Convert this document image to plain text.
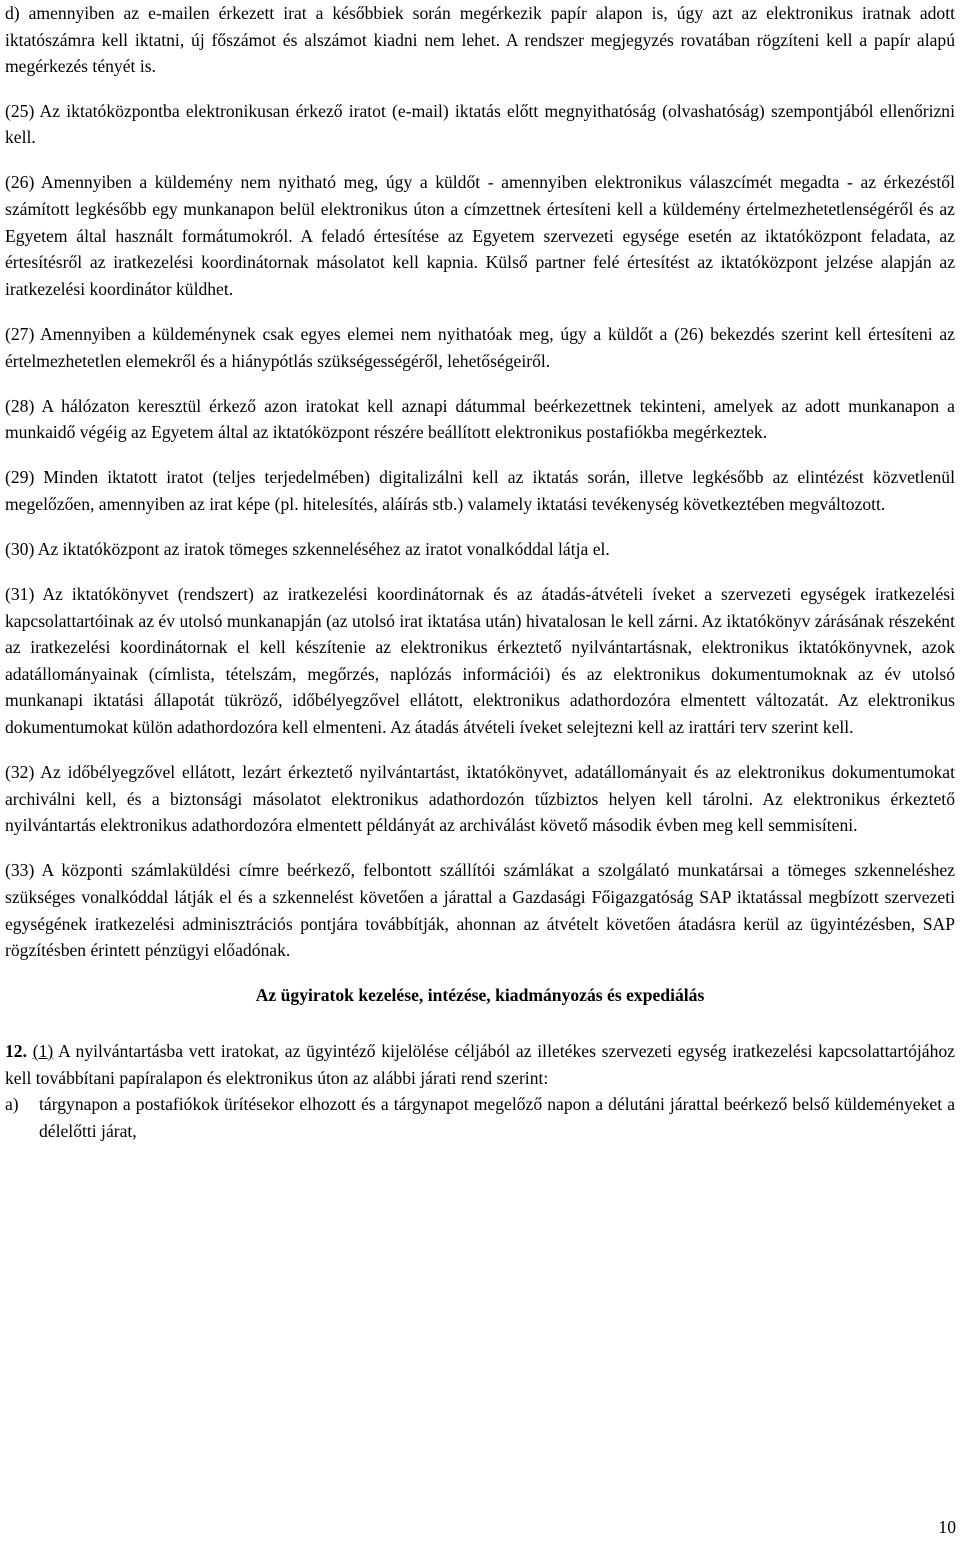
d) amennyiben az e-mailen érkezett irat a későbbiek során megérkezik papír alapon is, úgy azt az elektronikus iratnak adott iktatószámra kell iktatni, új főszámot és alszámot kiadni nem lehet. A rendszer megjegyzés rovatában rögzíteni kell a papír alapú megérkezés tényét is.

(25) Az iktatóközpontba elektronikusan érkező iratot (e-mail) iktatás előtt megnyithatóság (olvashatóság) szempontjából ellenőrizni kell.

(26) Amennyiben a küldemény nem nyitható meg, úgy a küldőt - amennyiben elektronikus válaszcímét megadta - az érkezéstől számított legkésőbb egy munkanapon belül elektronikus úton a címzettnek értesíteni kell a küldemény értelmezhetetlenségéről és az Egyetem által használt formátumokról. A feladó értesítése az Egyetem szervezeti egysége esetén az iktatóközpont feladata, az értesítésről az iratkezelési koordinátornak másolatot kell kapnia. Külső partner felé értesítést az iktatóközpont jelzése alapján az iratkezelési koordinátor küldhet.

(27) Amennyiben a küldeménynek csak egyes elemei nem nyithatóak meg, úgy a küldőt a (26) bekezdés szerint kell értesíteni az értelmezhetetlen elemekről és a hiánypótlás szükségességéről, lehetőségeiről.

(28) A hálózaton keresztül érkező azon iratokat kell aznapi dátummal beérkezettnek tekinteni, amelyek az adott munkanapon a munkaidő végéig az Egyetem által az iktatóközpont részére beállított elektronikus postafiókba megérkeztek.

(29) Minden iktatott iratot (teljes terjedelmében) digitalizálni kell az iktatás során, illetve legkésőbb az elintézést közvetlenül megelőzően, amennyiben az irat képe (pl. hitelesítés, aláírás stb.) valamely iktatási tevékenység következtében megváltozott.

(30) Az iktatóközpont az iratok tömeges szkenneléséhez az iratot vonalkóddal látja el.

(31) Az iktatókönyvet (rendszert) az iratkezelési koordinátornak és az átadás-átvételi íveket a szervezeti egységek iratkezelési kapcsolattartóinak az év utolsó munkanapján (az utolsó irat iktatása után) hivatalosan le kell zárni. Az iktatókönyv zárásának részeként az iratkezelési koordinátornak el kell készítenie az elektronikus érkeztető nyilvántartásnak, elektronikus iktatókönyvnek, azok adatállományainak (címlista, tételszám, megőrzés, naplózás információi) és az elektronikus dokumentumoknak az év utolsó munkanapi iktatási állapotát tükröző, időbélyegzővel ellátott, elektronikus adathordozóra elmentett változatát. Az elektronikus dokumentumokat külön adathordozóra kell elmenteni. Az átadás átvételi íveket selejtezni kell az irattári terv szerint kell.

(32) Az időbélyegzővel ellátott, lezárt érkeztető nyilvántartást, iktatókönyvet, adatállományait és az elektronikus dokumentumokat archiválni kell, és a biztonsági másolatot elektronikus adathordozón tűzbiztos helyen kell tárolni. Az elektronikus érkeztető nyilvántartás elektronikus adathordozóra elmentett példányát az archiválást követő második évben meg kell semmisíteni.

(33) A központi számlaküldési címre beérkező, felbontott szállítói számlákat a szolgálató munkatársai a tömeges szkenneléshez szükséges vonalkóddal látják el és a szkennelést követően a járattal a Gazdasági Főigazgatóság SAP iktatással megbízott szervezeti egységének iratkezelési adminisztrációs pontjára továbbítják, ahonnan az átvételt követően átadásra kerül az ügyintézésben, SAP rögzítésben érintett pénzügyi előadónak.

Az ügyiratok kezelése, intézése, kiadmányozás és expediálás

12. (1) A nyilvántartásba vett iratokat, az ügyintéző kijelölése céljából az illetékes szervezeti egység iratkezelési kapcsolattartójához kell továbbítani papíralapon és elektronikus úton az alábbi járati rend szerint:

a)	tárgynapon a postafiókok ürítésekor elhozott és a tárgynapot megelőző napon a délutáni járattal beérkező belső küldeményeket a délelőtti járat,
10
